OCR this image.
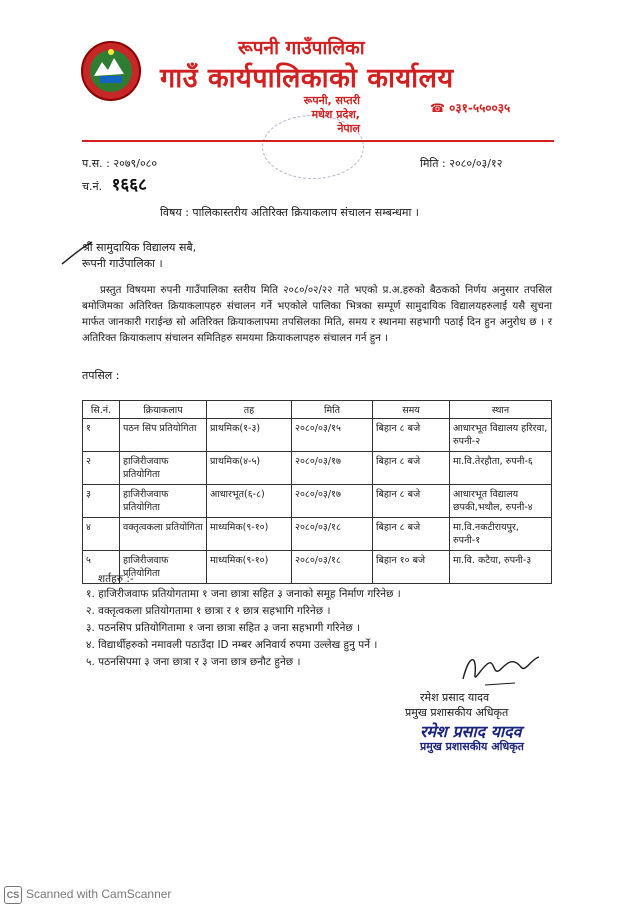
रूपनी गाउँपालिका
गाउँ कार्यपालिकाको कार्यालय
रूपनी, सप्तरी
मधेश प्रदेश, नेपाल
☎ ०३१-५५००३५
प.स. : २०७९/०८०
च.नं. १६६८
मिति : २०८०/०३/१२
विषय : पालिकास्तरीय अतिरिक्त क्रियाकलाप संचालन सम्बन्धमा ।
श्री सामुदायिक विद्यालय सबै,
रूपनी गाउँपालिका ।

प्रस्तुत विषयमा रुपनी गाउँपालिका स्तरीय मिति २०८०/०२/२२ गते भएको प्र.अ.हरुको बैठकको निर्णय अनुसार तपसिल बमोजिमका अतिरिक्त क्रियाकलापहरु संचालन गर्ने भएकोले पालिका भित्रका सम्पूर्ण सामुदायिक विद्यालयहरुलाई यसै सुचना मार्फत जानकारी गराईन्छ सो अतिरिक्त क्रियाकलापमा तपसिलका मिति, समय र स्थानमा सहभागी पठाई दिन हुन अनुरोध छ । र अतिरिक्त क्रियाकलाप संचालन समितिहरु समयमा क्रियाकलापहरु संचालन गर्न हुन ।

तपसिल :
सि.नं.	क्रियाकलाप	तह	मिति	समय	स्थान
१	पठन सिप प्रतियोगिता	प्राथमिक(१-३)	२०८०/०३/१५	बिहान ८ बजे	आधारभूत विद्यालय हरिरवा, रुपनी-२
२	हाजिरीजवाफ प्रतियोगिता	प्राथमिक(४-५)	२०८०/०३/१७	बिहान ८ बजे	मा.वि.तेरहौता, रुपनी-६
३	हाजिरीजवाफ प्रतियोगिता	आधारभूत(६-८)	२०८०/०३/१७	बिहान ८ बजे	आधारभूत विद्यालय छपकी,भथौल, रुपनी-४
४	वक्तृत्वकला प्रतियोगिता	माध्यमिक(९-१०)	२०८०/०३/१८	बिहान ८ बजे	मा.वि.नकटीरायपुर, रुपनी-१
५	हाजिरीजवाफ प्रतियोगिता	माध्यमिक(९-१०)	२०८०/०३/१८	बिहान १० बजे	मा.वि. कटैया, रुपनी-३
शर्तहरु :-
१. हाजिरीजवाफ प्रतियोगतामा १ जना छात्रा सहित ३ जनाको समूह निर्माण गरिनेछ ।
२. वक्तृत्वकला प्रतियोगतामा १ छात्रा र १ छात्र सहभागि गरिनेछ ।
३. पठनसिप प्रतियोगितामा १ जना छात्रा सहित ३ जना सहभागी गरिनेछ ।
४. विद्यार्थीहरुको नमावली पठाउँदा ID नम्बर अनिवार्य रुपमा उल्लेख हुनु पर्ने ।
५. पठनसिपमा ३ जना छात्रा र ३ जना छात्र छनौट हुनेछ ।
रमेश प्रसाद यादव
प्रमुख प्रशासकीय अधिकृत
रमेश प्रसाद यादव
प्रमुख प्रशासकीय अधिकृत
CS Scanned with CamScanner
